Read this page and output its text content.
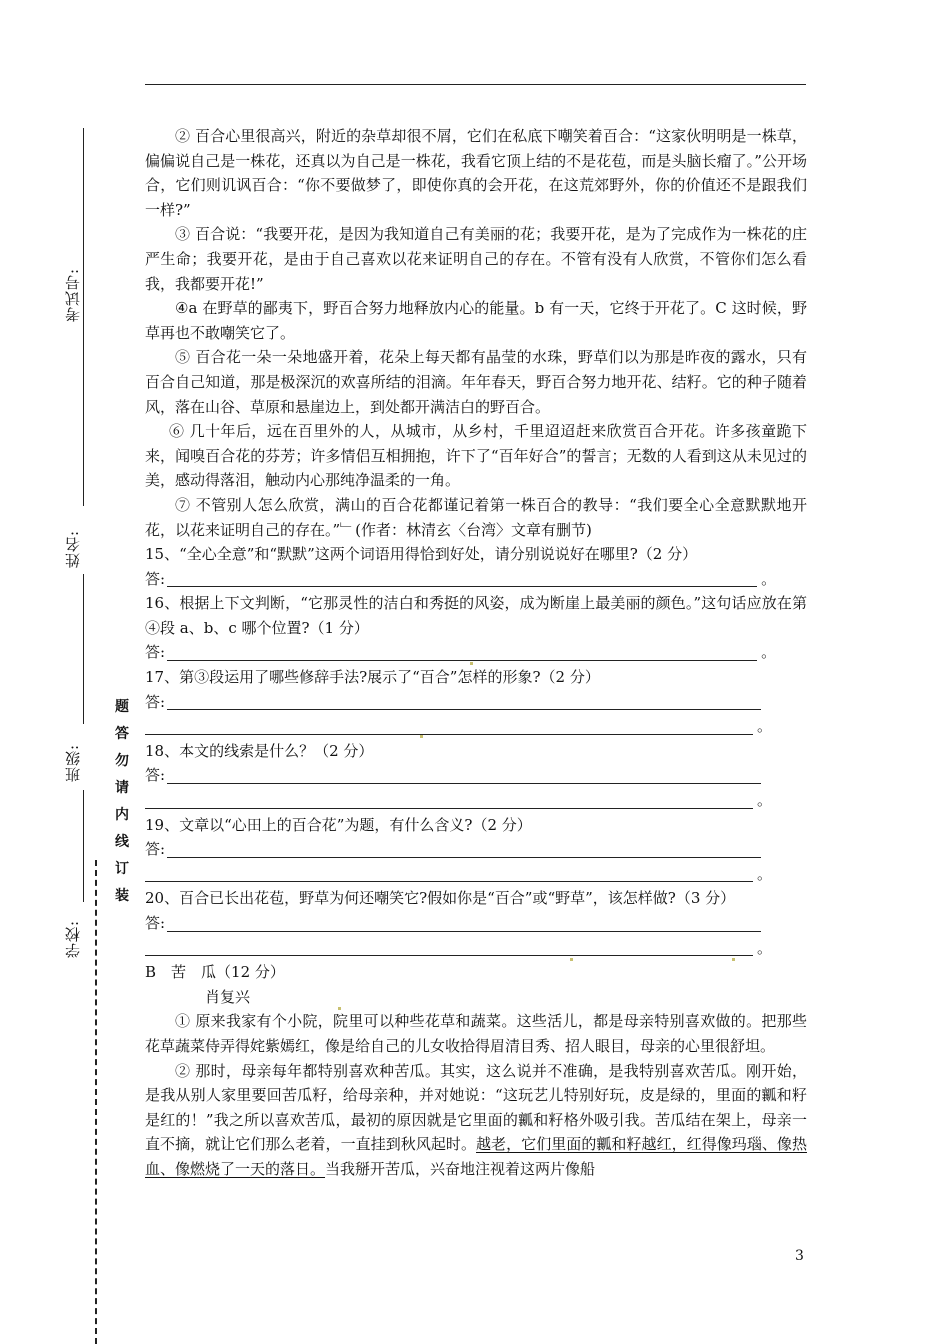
考试号:
姓名:
班级:
学校:
题
答
勿
请
内
线
订
装

② 百合心里很高兴，附近的杂草却很不屑，它们在私底下嘲笑着百合：“这家伙明明是一株草，偏偏说自己是一株花，还真以为自己是一株花，我看它顶上结的不是花苞，而是头脑长瘤了。”公开场合，它们则讥讽百合：“你不要做梦了，即使你真的会开花，在这荒郊野外，你的价值还不是跟我们一样?”

③ 百合说：“我要开花，是因为我知道自己有美丽的花；我要开花，是为了完成作为一株花的庄严生命；我要开花，是由于自己喜欢以花来证明自己的存在。不管有没有人欣赏，不管你们怎么看我，我都要开花!”

④a 在野草的鄙夷下，野百合努力地释放内心的能量。b 有一天，它终于开花了。C 这时候，野草再也不敢嘲笑它了。

⑤ 百合花一朵一朵地盛开着，花朵上每天都有晶莹的水珠，野草们以为那是昨夜的露水，只有百合自己知道，那是极深沉的欢喜所结的泪滴。年年春天，野百合努力地开花、结籽。它的种子随着风，落在山谷、草原和悬崖边上，到处都开满洁白的野百合。

⑥ 几十年后，远在百里外的人，从城市，从乡村，千里迢迢赶来欣赏百合开花。许多孩童跪下来，闻嗅百合花的芬芳；许多情侣互相拥抱，许下了“百年好合”的誓言；无数的人看到这从未见过的美，感动得落泪，触动内心那纯净温柔的一角。

⑦ 不管别人怎么欣赏，满山的百合花都谨记着第一株百合的教导：“我们要全心全意默默地开花，以花来证明自己的存在。”﹂(作者：林清玄〈台湾〉文章有删节)

15、“全心全意”和“默默”这两个词语用得恰到好处，请分别说说好在哪里?（2 分）

答:	。

16、根据上下文判断，“它那灵性的洁白和秀挺的风姿，成为断崖上最美丽的颜色。”这句话应放在第④段 a、b、c 哪个位置?（1 分）

答:	。

17、第③段运用了哪些修辞手法?展示了“百合”怎样的形象?（2 分）

答:
。

18、本文的线索是什么？（2 分）

答:
。

19、文章以“心田上的百合花”为题，有什么含义?（2 分）

答:
。

20、百合已长出花苞，野草为何还嘲笑它?假如你是“百合”或“野草”，该怎样做?（3 分）

答:
。

B　苦　瓜（12 分）

肖复兴

① 原来我家有个小院，院里可以种些花草和蔬菜。这些活儿，都是母亲特别喜欢做的。把那些花草蔬菜侍弄得姹紫嫣红，像是给自己的儿女收拾得眉清目秀、招人眼目，母亲的心里很舒坦。

② 那时，母亲每年都特别喜欢种苦瓜。其实，这么说并不准确，是我特别喜欢苦瓜。刚开始，是我从别人家里要回苦瓜籽，给母亲种，并对她说：“这玩艺儿特别好玩，皮是绿的，里面的瓤和籽是红的！”我之所以喜欢苦瓜，最初的原因就是它里面的瓤和籽格外吸引我。苦瓜结在架上，母亲一直不摘，就让它们那么老着，一直挂到秋风起时。越老，它们里面的瓤和籽越红，红得像玛瑙、像热血、像燃烧了一天的落日。当我掰开苦瓜，兴奋地注视着这两片像船

3
